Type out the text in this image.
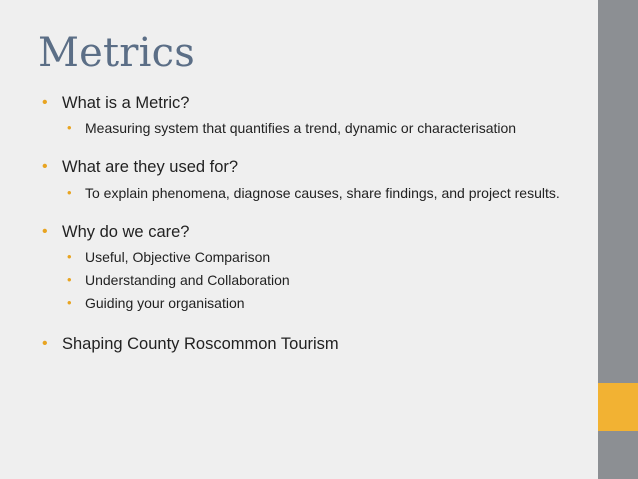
Metrics
• What is a Metric?
• Measuring system that quantifies a trend, dynamic or characterisation
• What are they used for?
• To explain phenomena, diagnose causes, share findings, and project results.
• Why do we care?
• Useful, Objective Comparison
• Understanding and Collaboration
• Guiding your organisation
• Shaping County Roscommon Tourism
